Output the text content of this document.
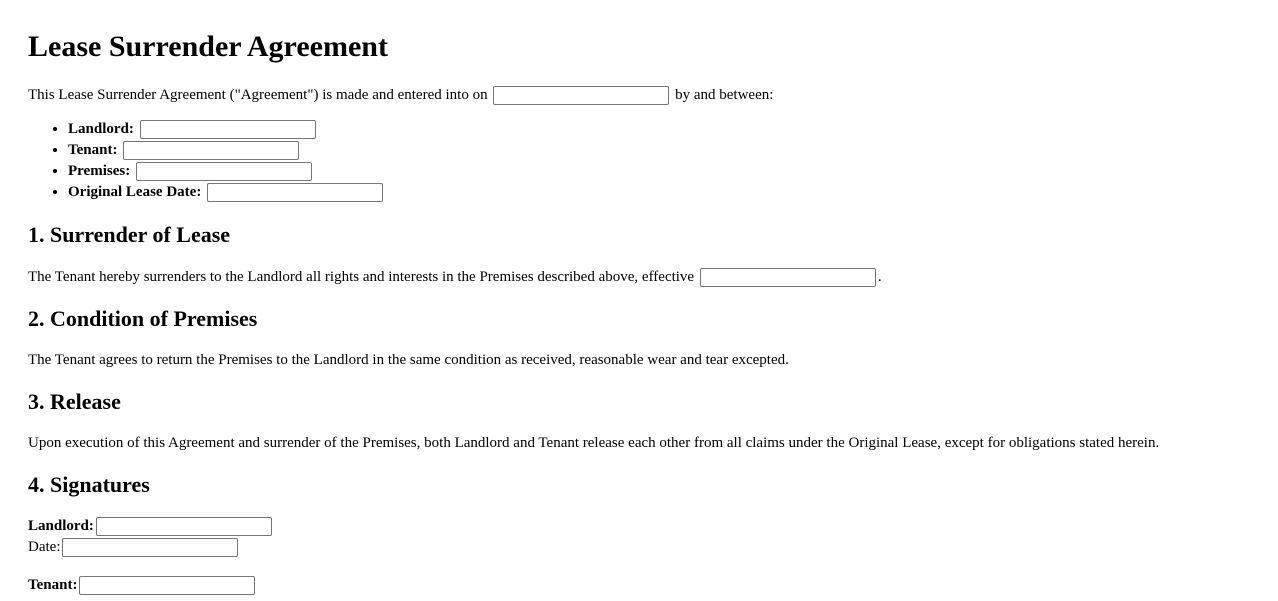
Lease Surrender Agreement

This Lease Surrender Agreement ("Agreement") is made and entered into on	by and between:

• Landlord:
• Tenant:
• Premises:
• Original Lease Date:
1. Surrender of Lease

The Tenant hereby surrenders to the Landlord all rights and interests in the Premises described above, effective	.

2. Condition of Premises

The Tenant agrees to return the Premises to the Landlord in the same condition as received, reasonable wear and tear excepted.

3. Release

Upon execution of this Agreement and surrender of the Premises, both Landlord and Tenant release each other from all claims under the Original Lease, except for obligations stated herein.

4. Signatures
Landlord:
Date:
Tenant:
